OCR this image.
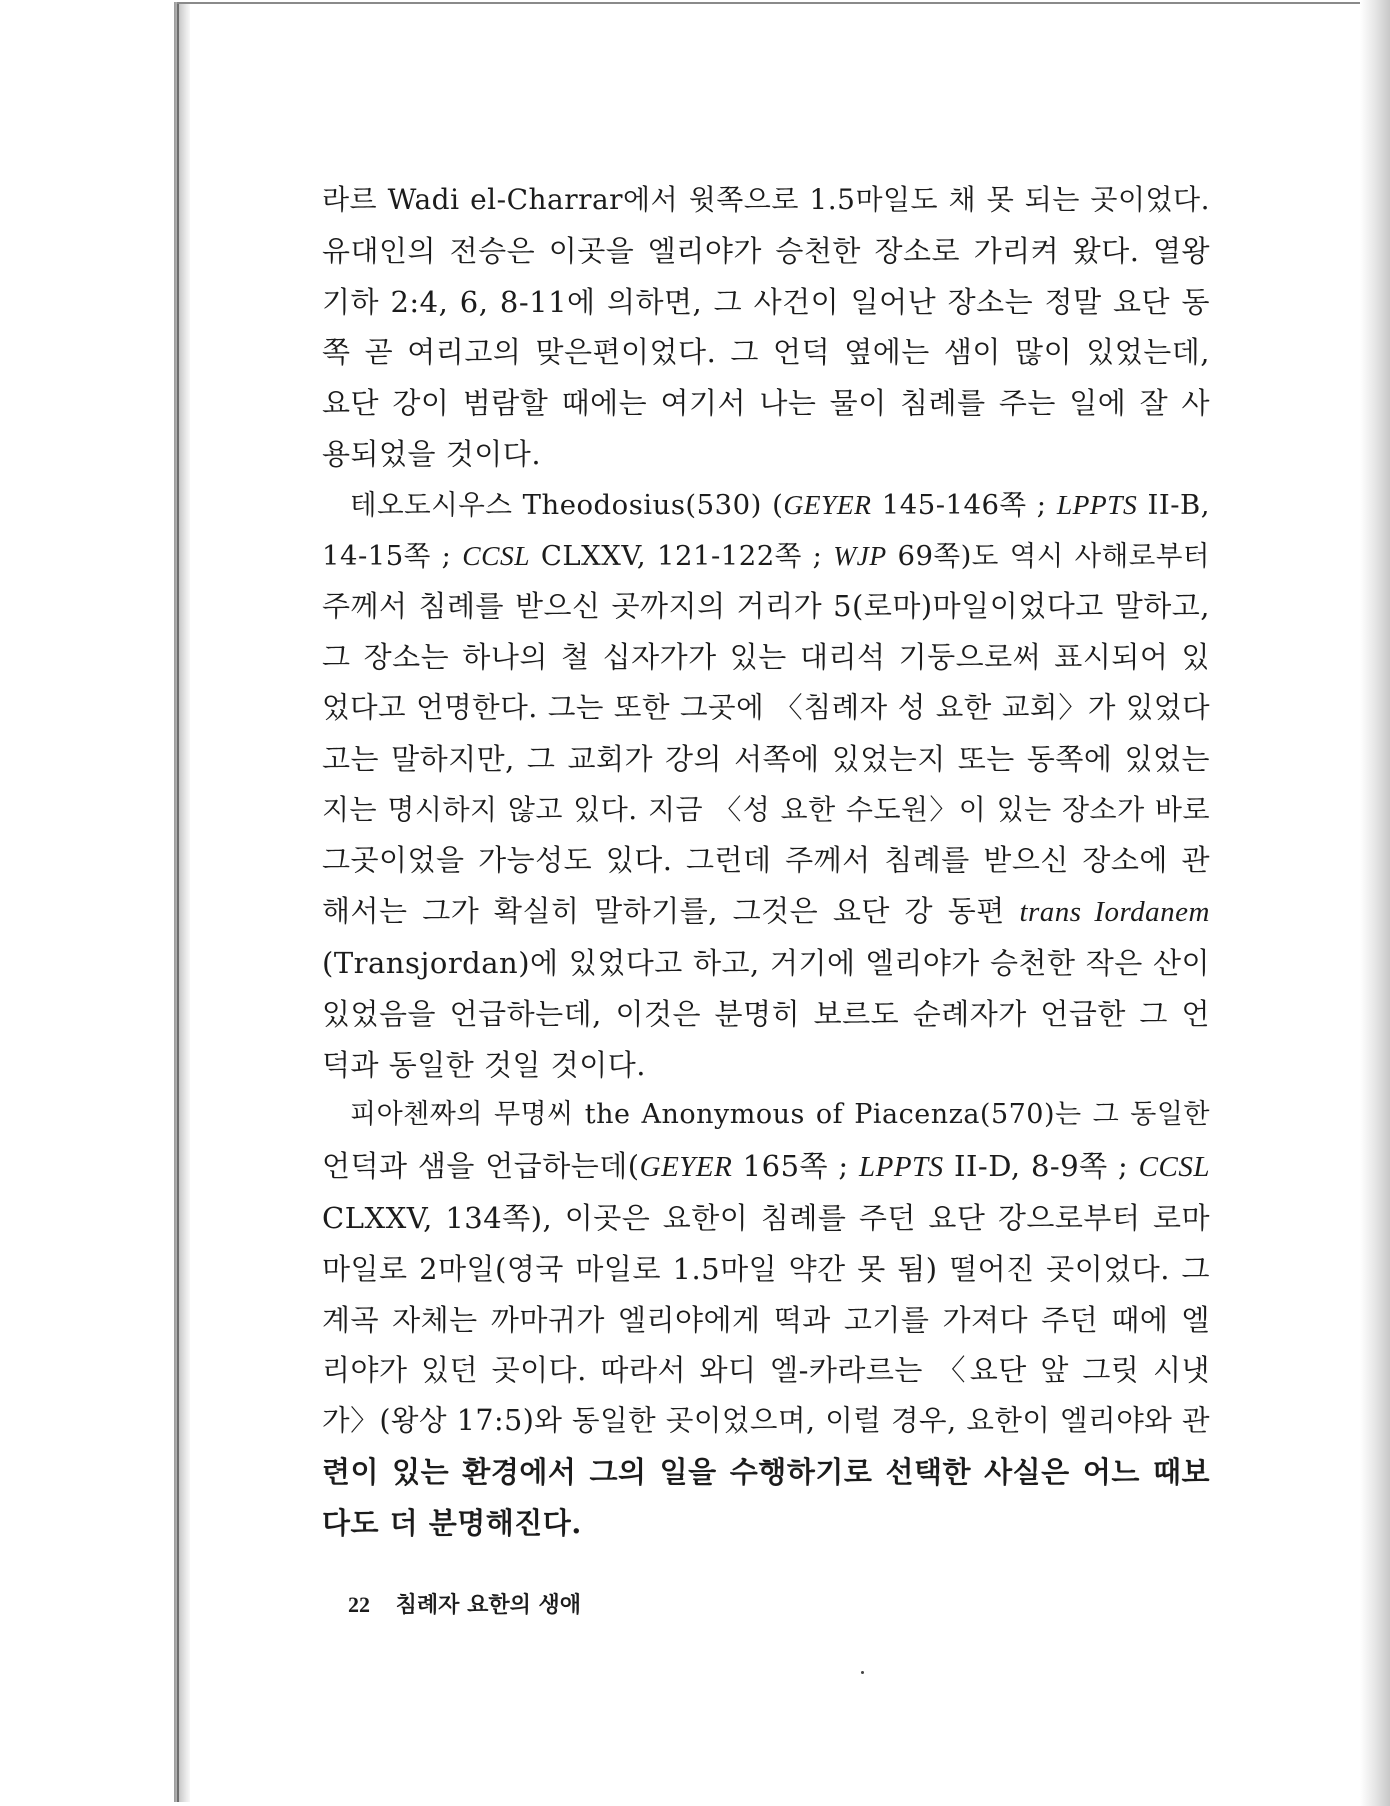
라르 Wadi el-Charrar에서 윗쪽으로 1.5마일도 채 못 되는 곳이었다.
유대인의 전승은 이곳을 엘리야가 승천한 장소로 가리켜 왔다. 열왕
기하 2:4, 6, 8-11에 의하면, 그 사건이 일어난 장소는 정말 요단 동
쪽 곧 여리고의 맞은편이었다. 그 언덕 옆에는 샘이 많이 있었는데,
요단 강이 범람할 때에는 여기서 나는 물이 침례를 주는 일에 잘 사
용되었을 것이다.
테오도시우스 Theodosius(530) (GEYER 145-146쪽 ; LPPTS II-B,
14-15쪽 ; CCSL CLXXV, 121-122쪽 ; WJP 69쪽)도 역시 사해로부터
주께서 침례를 받으신 곳까지의 거리가 5(로마)마일이었다고 말하고,
그 장소는 하나의 철 십자가가 있는 대리석 기둥으로써 표시되어 있
었다고 언명한다. 그는 또한 그곳에 〈침례자 성 요한 교회〉가 있었다
고는 말하지만, 그 교회가 강의 서쪽에 있었는지 또는 동쪽에 있었는
지는 명시하지 않고 있다. 지금 〈성 요한 수도원〉이 있는 장소가 바로
그곳이었을 가능성도 있다. 그런데 주께서 침례를 받으신 장소에 관
해서는 그가 확실히 말하기를, 그것은 요단 강 동편 trans Iordanem
(Transjordan)에 있었다고 하고, 거기에 엘리야가 승천한 작은 산이
있었음을 언급하는데, 이것은 분명히 보르도 순례자가 언급한 그 언
덕과 동일한 것일 것이다.
피아첸짜의 무명씨 the Anonymous of Piacenza(570)는 그 동일한
언덕과 샘을 언급하는데(GEYER 165쪽 ; LPPTS II-D, 8-9쪽 ; CCSL
CLXXV, 134쪽), 이곳은 요한이 침례를 주던 요단 강으로부터 로마
마일로 2마일(영국 마일로 1.5마일 약간 못 됨) 떨어진 곳이었다. 그
계곡 자체는 까마귀가 엘리야에게 떡과 고기를 가져다 주던 때에 엘
리야가 있던 곳이다. 따라서 와디 엘-카라르는 〈요단 앞 그릿 시냇
가〉(왕상 17:5)와 동일한 곳이었으며, 이럴 경우, 요한이 엘리야와 관
련이 있는 환경에서 그의 일을 수행하기로 선택한 사실은 어느 때보
다도 더 분명해진다.
22 침례자 요한의 생애
